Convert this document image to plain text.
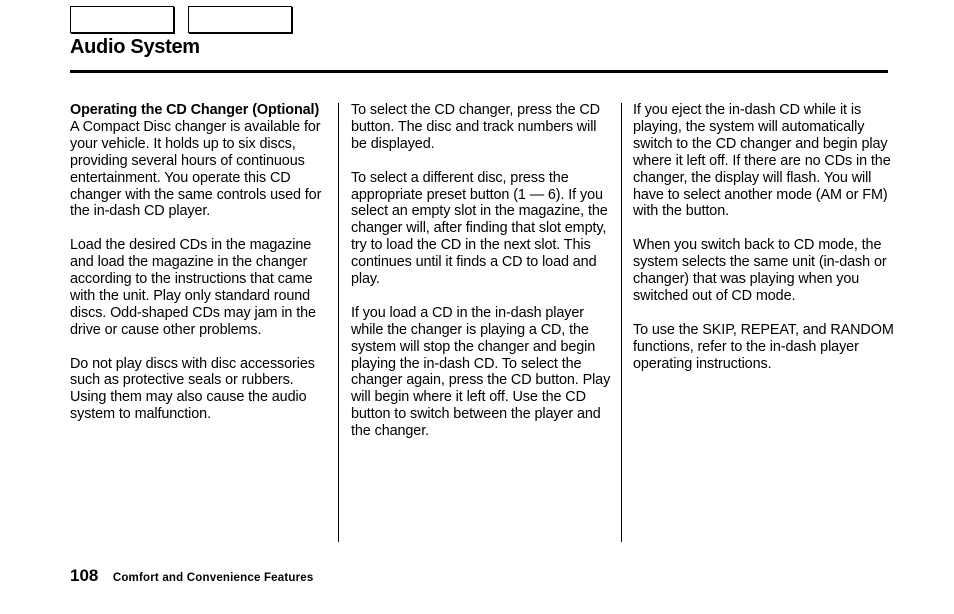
Audio System

Operating the CD Changer (Optional)

A Compact Disc changer is available for your vehicle. It holds up to six discs, providing several hours of continuous entertainment. You operate this CD changer with the same controls used for the in-dash CD player.

Load the desired CDs in the magazine and load the magazine in the changer according to the instructions that came with the unit. Play only standard round discs. Odd-shaped CDs may jam in the drive or cause other problems.

Do not play discs with disc accessories such as protective seals or rubbers. Using them may also cause the audio system to malfunction.

To select the CD changer, press the CD button. The disc and track numbers will be displayed.

To select a different disc, press the appropriate preset button (1 — 6). If you select an empty slot in the magazine, the changer will, after finding that slot empty, try to load the CD in the next slot. This continues until it finds a CD to load and play.

If you load a CD in the in-dash player while the changer is playing a CD, the system will stop the changer and begin playing the in-dash CD. To select the changer again, press the CD button. Play will begin where it left off. Use the CD button to switch between the player and the changer.

If you eject the in-dash CD while it is playing, the system will automatically switch to the CD changer and begin play where it left off. If there are no CDs in the changer, the display will flash. You will have to select another mode (AM or FM) with the button.

When you switch back to CD mode, the system selects the same unit (in-dash or changer) that was playing when you switched out of CD mode.

To use the SKIP, REPEAT, and RANDOM functions, refer to the in-dash player operating instructions.

108 Comfort and Convenience Features
